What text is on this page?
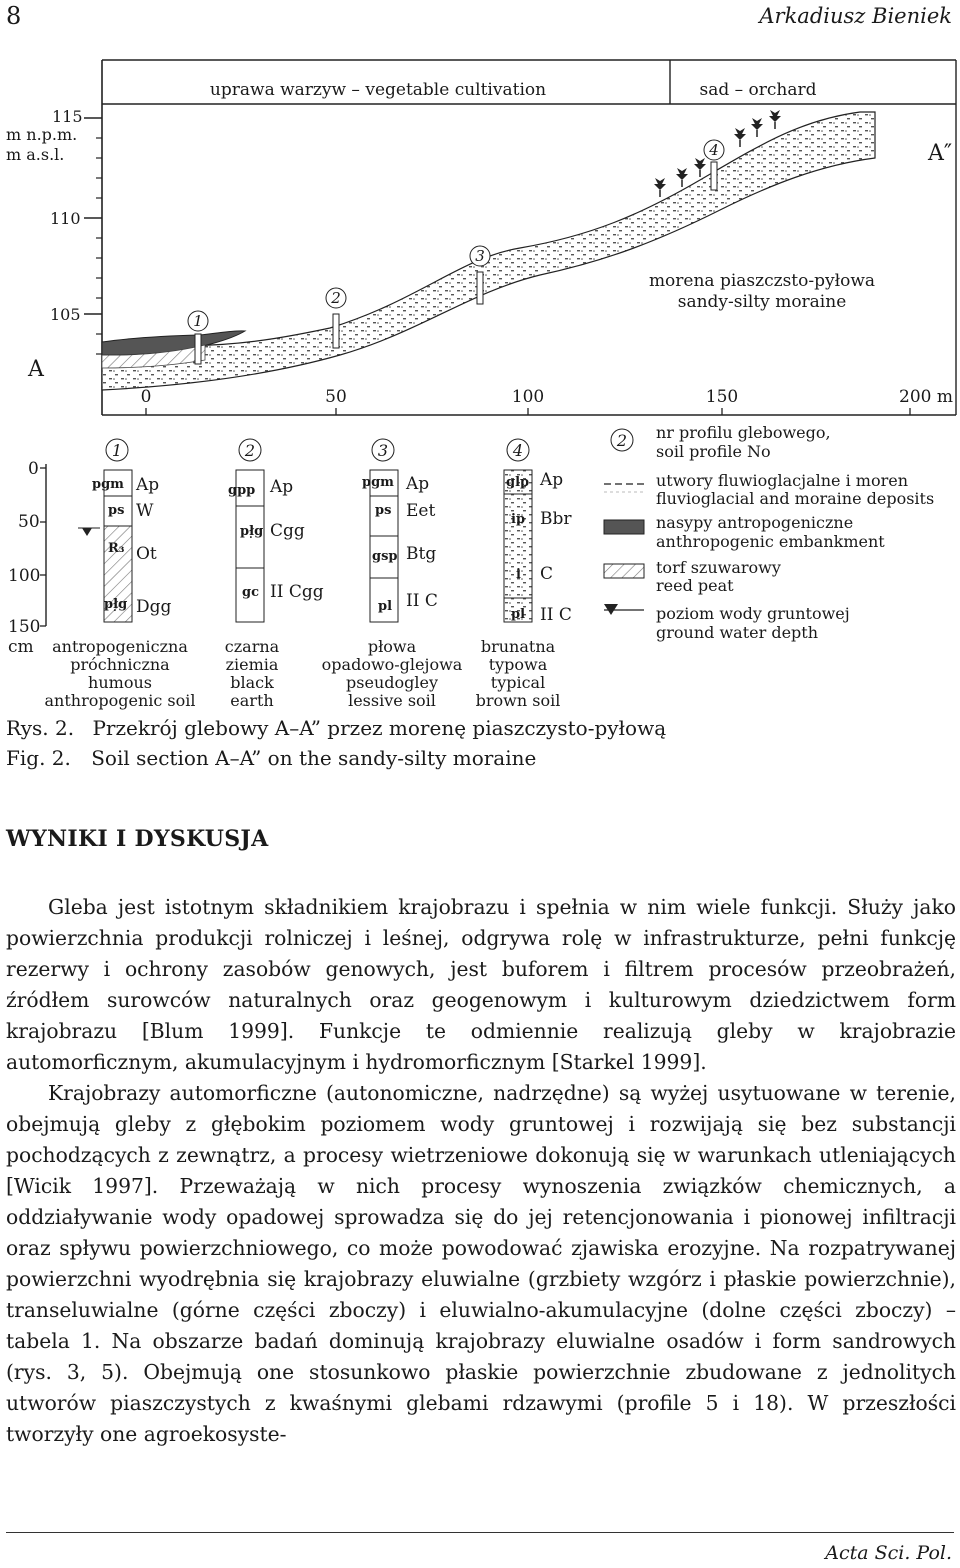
8	Arkadiusz Bieniek
uprawa warzyw – vegetable cultivation	sad – orchard
115
m n.p.m.
m a.s.l.
110
105
A
A″
1
2
3
4
morena piaszczsto-pyłowa
sandy-silty moraine
0	50	100	150	200 m
0
50
100
150
cm
1
pgm
ps
R₃
pł̣g
Ap
W
Ot
Dgg
antropogeniczna
próchniczna
humous
anthropogenic soil
2
gpp
pł̣g
gc
Ap
Cgg
II Cgg
czarna
ziemia
black
earth
3
pgm
ps
gsp
pl
Ap
Eet
Btg
II C
płowa
opadowo-glejowa
pseudogley
lessive soil
4
glp
ip
i
pl
Ap
Bbr
C
II C
brunatna
typowa
typical
brown soil
2 nr profilu glebowego,
soil profile No
utwory fluwioglacjalne i moren
fluvioglacial and moraine deposits
nasypy antropogeniczne
anthropogenic embankment
torf szuwarowy
reed peat
poziom wody gruntowej
ground water depth
Rys. 2. Przekrój glebowy A–A” przez morenę piaszczysto-pyłową
Fig. 2. Soil section A–A” on the sandy-silty moraine
WYNIKI I DYSKUSJA

Gleba jest istotnym składnikiem krajobrazu i spełnia w nim wiele funkcji. Służy jako powierzchnia produkcji rolniczej i leśnej, odgrywa rolę w infrastrukturze, pełni funkcję rezerwy i ochrony zasobów genowych, jest buforem i filtrem procesów przeobrażeń, źródłem surowców naturalnych oraz geogenowym i kulturowym dziedzictwem form krajobrazu [Blum 1999]. Funkcje te odmiennie realizują gleby w krajobrazie automorficznym, akumulacyjnym i hydromorficznym [Starkel 1999].

Krajobrazy automorficzne (autonomiczne, nadrzędne) są wyżej usytuowane w terenie, obejmują gleby z głębokim poziomem wody gruntowej i rozwijają się bez substancji pochodzących z zewnątrz, a procesy wietrzeniowe dokonują się w warunkach utleniających [Wicik 1997]. Przeważają w nich procesy wynoszenia związków chemicznych, a oddziaływanie wody opadowej sprowadza się do jej retencjonowania i pionowej infiltracji oraz spływu powierzchniowego, co może powodować zjawiska erozyjne. Na rozpatrywanej powierzchni wyodrębnia się krajobrazy eluwialne (grzbiety wzgórz i płaskie powierzchnie), transeluwialne (górne części zboczy) i eluwialno-akumulacyjne (dolne części zboczy) – tabela 1. Na obszarze badań dominują krajobrazy eluwialne osadów i form sandrowych (rys. 3, 5). Obejmują one stosunkowo płaskie powierzchnie zbudowane z jednolitych utworów piaszczystych z kwaśnymi glebami rdzawymi (profile 5 i 18). W przeszłości tworzyły one agroekosyste-

Acta Sci. Pol.
